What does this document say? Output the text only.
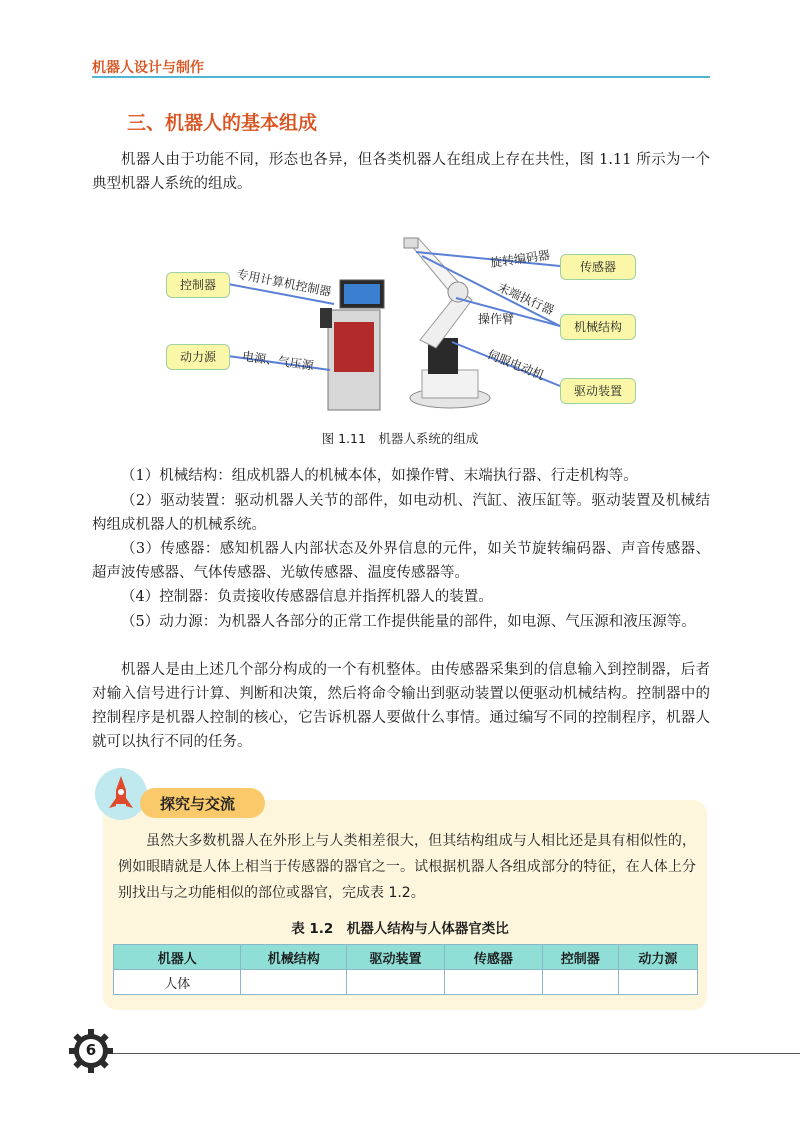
机器人设计与制作
三、机器人的基本组成
机器人由于功能不同，形态也各异，但各类机器人在组成上存在共性，图 1.11 所示为一个典型机器人系统的组成。
控制器
动力源
传感器
机械结构
驱动装置
专用计算机控制器
电源、气压源
旋转编码器
末端执行器
操作臂
伺服电动机
图 1.11　机器人系统的组成
（1）机械结构：组成机器人的机械本体，如操作臂、末端执行器、行走机构等。
（2）驱动装置：驱动机器人关节的部件，如电动机、汽缸、液压缸等。驱动装置及机械结构组成机器人的机械系统。
（3）传感器：感知机器人内部状态及外界信息的元件，如关节旋转编码器、声音传感器、超声波传感器、气体传感器、光敏传感器、温度传感器等。
（4）控制器：负责接收传感器信息并指挥机器人的装置。
（5）动力源：为机器人各部分的正常工作提供能量的部件，如电源、气压源和液压源等。
机器人是由上述几个部分构成的一个有机整体。由传感器采集到的信息输入到控制器，后者对输入信号进行计算、判断和决策，然后将命令输出到驱动装置以便驱动机械结构。控制器中的控制程序是机器人控制的核心，它告诉机器人要做什么事情。通过编写不同的控制程序，机器人就可以执行不同的任务。
探究与交流
虽然大多数机器人在外形上与人类相差很大，但其结构组成与人相比还是具有相似性的，例如眼睛就是人体上相当于传感器的器官之一。试根据机器人各组成部分的特征，在人体上分别找出与之功能相似的部位或器官，完成表 1.2。
表 1.2　机器人结构与人体器官类比
机器人	机械结构	驱动装置	传感器	控制器	动力源
人体					
6
